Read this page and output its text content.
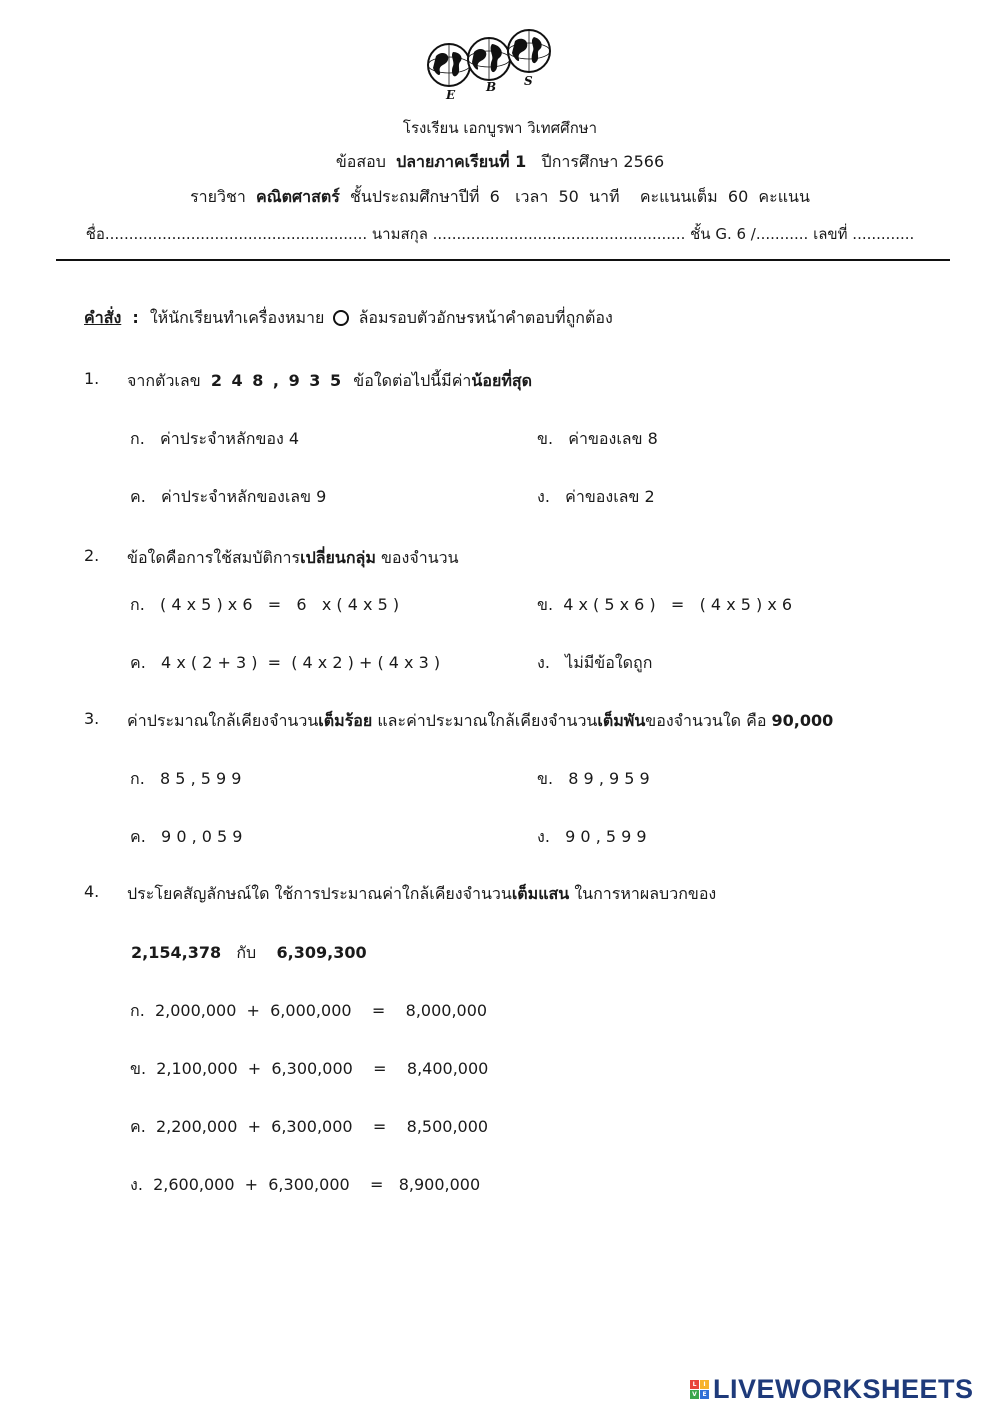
E
B S
โรงเรียน เอกบูรพา วิเทศศึกษา
ข้อสอบ ปลายภาคเรียนที่ 1 ปีการศึกษา 2566
รายวิชา คณิตศาสตร์ ชั้นประถมศึกษาปีที่  6   เวลา  50  นาที    คะแนนเต็ม  60  คะแนน
ชื่อ....................................................... นามสกุล ..................................................... ชั้น G. 6 /........... เลขที่ .............
คำสั่ง : ให้นักเรียนทำเครื่องหมาย ล้อมรอบตัวอักษรหน้าคำตอบที่ถูกต้อง
1. จากตัวเลข 2 4 8 , 9 3 5 ข้อใดต่อไปนี้มีค่าน้อยที่สุด
ก.   ค่าประจำหลักของ 4	ข.   ค่าของเลข 8
ค.   ค่าประจำหลักของเลข 9	ง.   ค่าของเลข 2
2. ข้อใดคือการใช้สมบัติการเปลี่ยนกลุ่ม ของจำนวน
ก.   ( 4 x 5 ) x 6   =   6   x ( 4 x 5 )	ข.  4 x ( 5 x 6 )   =   ( 4 x 5 ) x 6
ค.   4 x ( 2 + 3 )  =  ( 4 x 2 ) + ( 4 x 3 )	ง.   ไม่มีข้อใดถูก
3. ค่าประมาณใกล้เคียงจำนวนเต็มร้อย และค่าประมาณใกล้เคียงจำนวนเต็มพันของจำนวนใด คือ 90,000
ก.   8 5 , 5 9 9	ข.   8 9 , 9 5 9
ค.   9 0 , 0 5 9	ง.   9 0 , 5 9 9
4. ประโยคสัญลักษณ์ใด ใช้การประมาณค่าใกล้เคียงจำนวนเต็มแสน ในการหาผลบวกของ
2,154,378 กับ 6,309,300
ก.  2,000,000  +  6,000,000    =    8,000,000
ข.  2,100,000  +  6,300,000    =    8,400,000
ค.  2,200,000  +  6,300,000    =    8,500,000
ง.  2,600,000  +  6,300,000    =   8,900,000
L	I
V E LIVEWORKSHEETS
